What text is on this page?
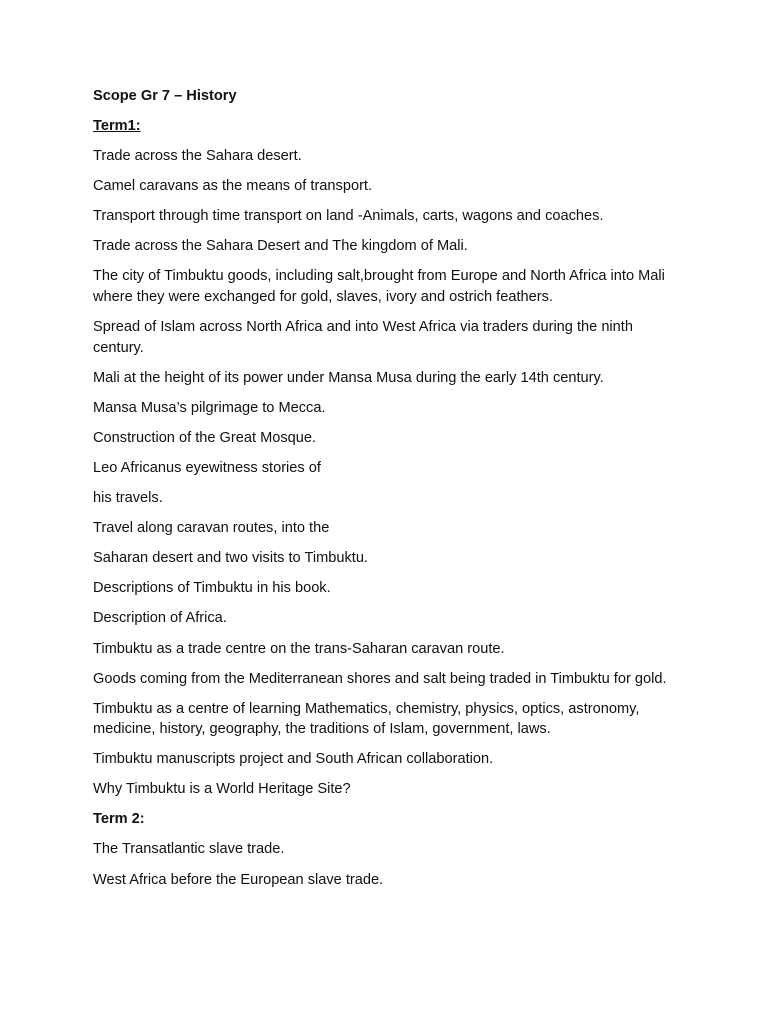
Scope Gr 7 – History

Term1:

Trade across the Sahara desert.

Camel caravans as the means of transport.

Transport through time transport on land -Animals, carts, wagons and coaches.

Trade across the Sahara Desert and The kingdom of Mali.

The city of Timbuktu goods, including salt,brought from Europe and North Africa into Mali where they were exchanged for gold, slaves, ivory and ostrich feathers.

Spread of Islam across North Africa and into West Africa via traders during the ninth century.

Mali at the height of its power under Mansa Musa during the early 14th century.

Mansa Musa’s pilgrimage to Mecca.

Construction of the Great Mosque.

Leo Africanus eyewitness stories of

his travels.

Travel along caravan routes, into the

Saharan desert and two visits to Timbuktu.

Descriptions of Timbuktu in his book.

Description of Africa.

Timbuktu as a trade centre on the trans-Saharan caravan route.

Goods coming from the Mediterranean shores and salt being traded in Timbuktu for gold.

Timbuktu as a centre of learning Mathematics, chemistry, physics, optics, astronomy, medicine, history, geography, the traditions of Islam, government, laws.

Timbuktu manuscripts project and South African collaboration.

Why Timbuktu is a World Heritage Site?

Term 2:

The Transatlantic slave trade.

West Africa before the European slave trade.
